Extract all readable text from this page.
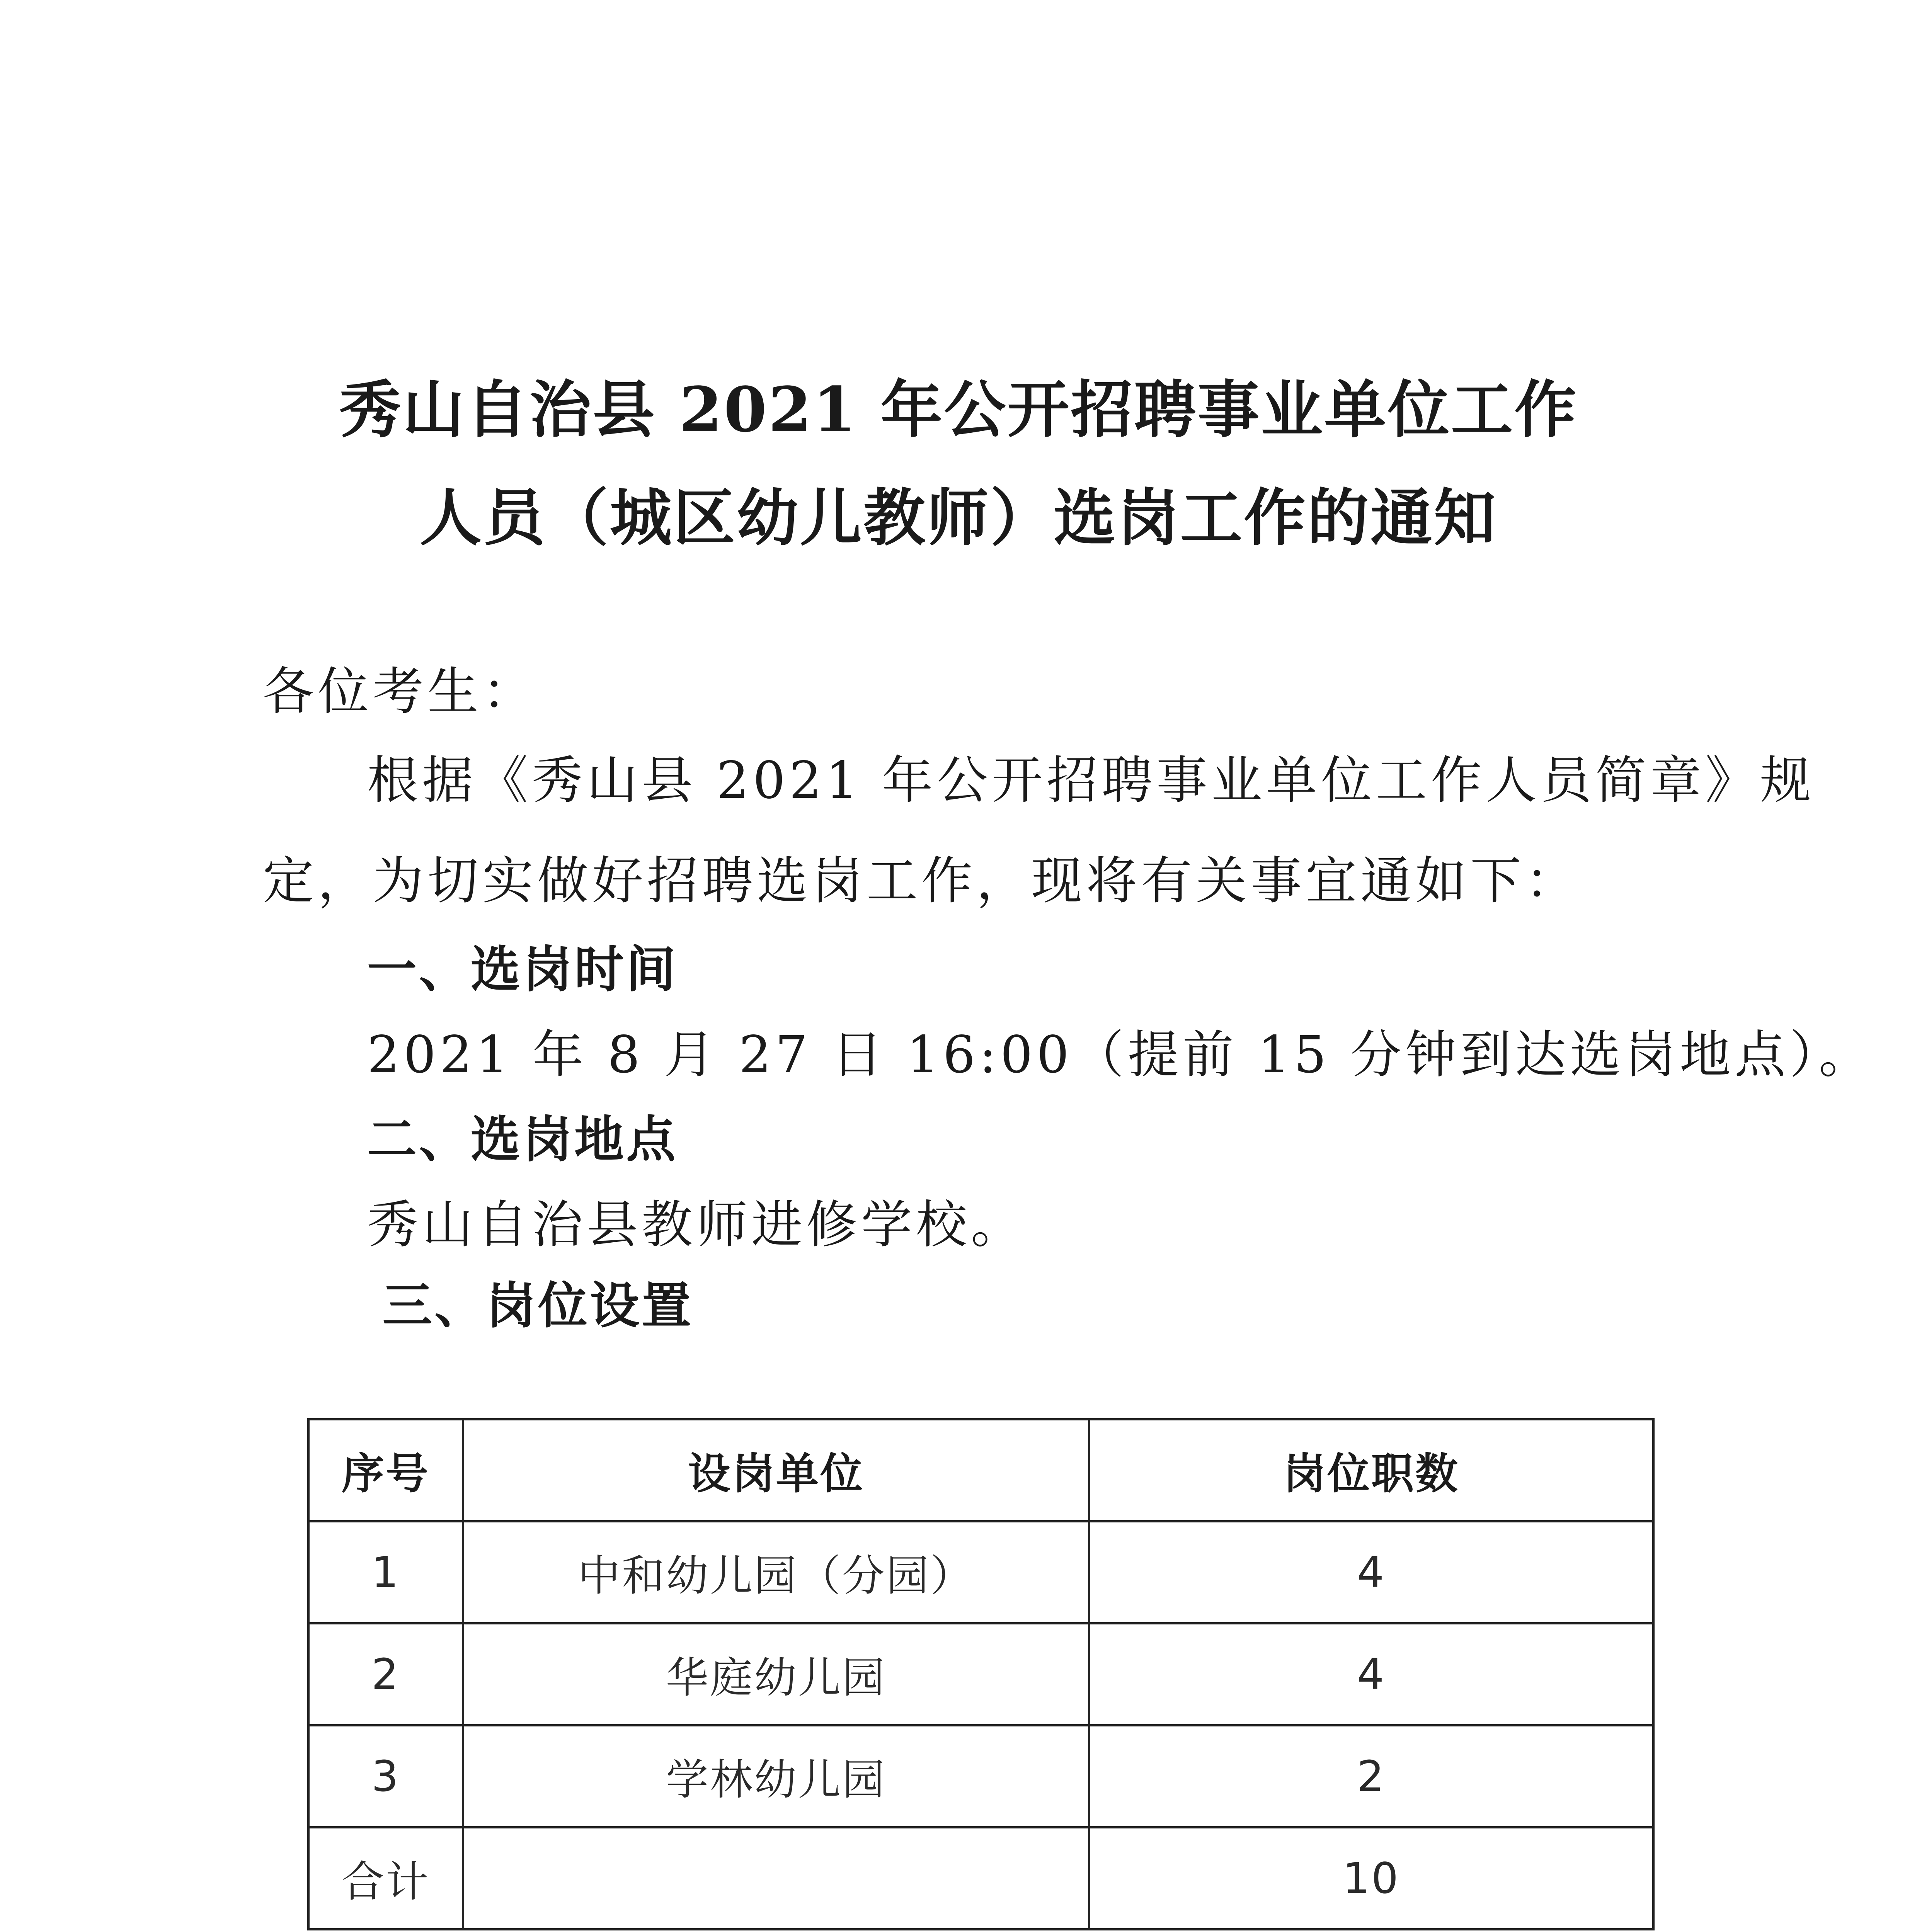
秀山自治县 2021 年公开招聘事业单位工作
人员（城区幼儿教师）选岗工作的通知
各位考生：
根据《秀山县 2021 年公开招聘事业单位工作人员简章》规
定，为切实做好招聘选岗工作，现将有关事宜通如下：
一、选岗时间
2021 年 8 月 27 日 16:00（提前 15 分钟到达选岗地点）。
二、选岗地点
秀山自治县教师进修学校。
三、岗位设置
序号	设岗单位	岗位职数
1	中和幼儿园（分园）	4
2	华庭幼儿园	4
3	学林幼儿园	2
合计		10
